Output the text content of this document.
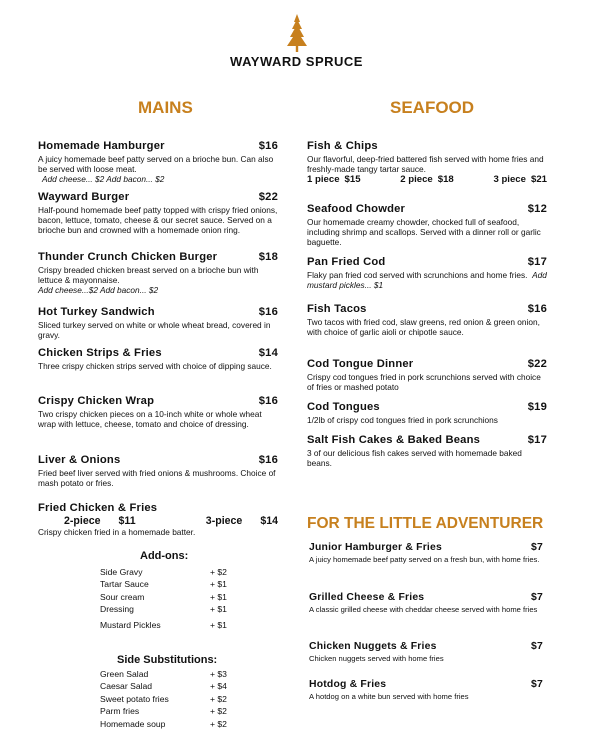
WAYWARD SPRUCE
MAINS	SEAFOOD
FOR THE LITTLE ADVENTURER
Homemade Hamburger	$16
A juicy homemade beef patty served on a brioche bun. Can also be served with loose meat.
Add cheese... $2 Add bacon... $2
Wayward Burger	$22
Half-pound homemade beef patty topped with crispy fried onions, bacon, lettuce, tomato, cheese & our secret sauce. Served on a brioche bun and crowned with a homemade onion ring.
Thunder Crunch Chicken Burger	$18
Crispy breaded chicken breast served on a brioche bun with lettuce & mayonnaise.
Add cheese...$2 Add bacon... $2
Hot Turkey Sandwich	$16
Sliced turkey served on white or whole wheat bread, covered in gravy.
Chicken Strips & Fries	$14
Three crispy chicken strips served with choice of dipping sauce.
Crispy Chicken Wrap	$16
Two crispy chicken pieces on a 10-inch white or whole wheat wrap with lettuce, cheese, tomato and choice of dressing.
Liver & Onions	$16
Fried beef liver served with fried onions & mushrooms. Choice of mash potato or fries.
Fried Chicken & Fries
2-piece $11	3-piece $14
Crispy chicken fried in a homemade batter.
Add-ons:
Side Gravy	+ $2
Tartar Sauce	+ $1
Sour cream	+ $1
Dressing	+ $1
Mustard Pickles	+ $1
Side Substitutions:
Green Salad	+ $3
Caesar Salad	+ $4
Sweet potato fries	+ $2
Parm fries	+ $2
Homemade soup	+ $2
Fish & Chips
Our flavorful, deep-fried battered fish served with home fries and freshly-made tangy tartar sauce.
1 piece $15	2 piece $18	3 piece $21
Seafood Chowder	$12
Our homemade creamy chowder, chocked full of seafood, including shrimp and scallops. Served with a dinner roll or garlic baguette.
Pan Fried Cod	$17
Flaky pan fried cod served with scrunchions and home fries. Add mustard pickles... $1
Fish Tacos	$16
Two tacos with fried cod, slaw greens, red onion & green onion, with choice of garlic aioli or chipotle sauce.
Cod Tongue Dinner	$22
Crispy cod tongues fried in pork scrunchions served with choice of fries or mashed potato
Cod Tongues	$19
1/2lb of crispy cod tongues fried in pork scrunchions
Salt Fish Cakes & Baked Beans	$17
3 of our delicious fish cakes served with homemade baked beans.
Junior Hamburger & Fries	$7
A juicy homemade beef patty served on a fresh bun, with home fries.
Grilled Cheese & Fries	$7
A classic grilled cheese with cheddar cheese served with home fries
Chicken Nuggets & Fries	$7
Chicken nuggets served with home fries
Hotdog & Fries	$7
A hotdog on a white bun served with home fries
